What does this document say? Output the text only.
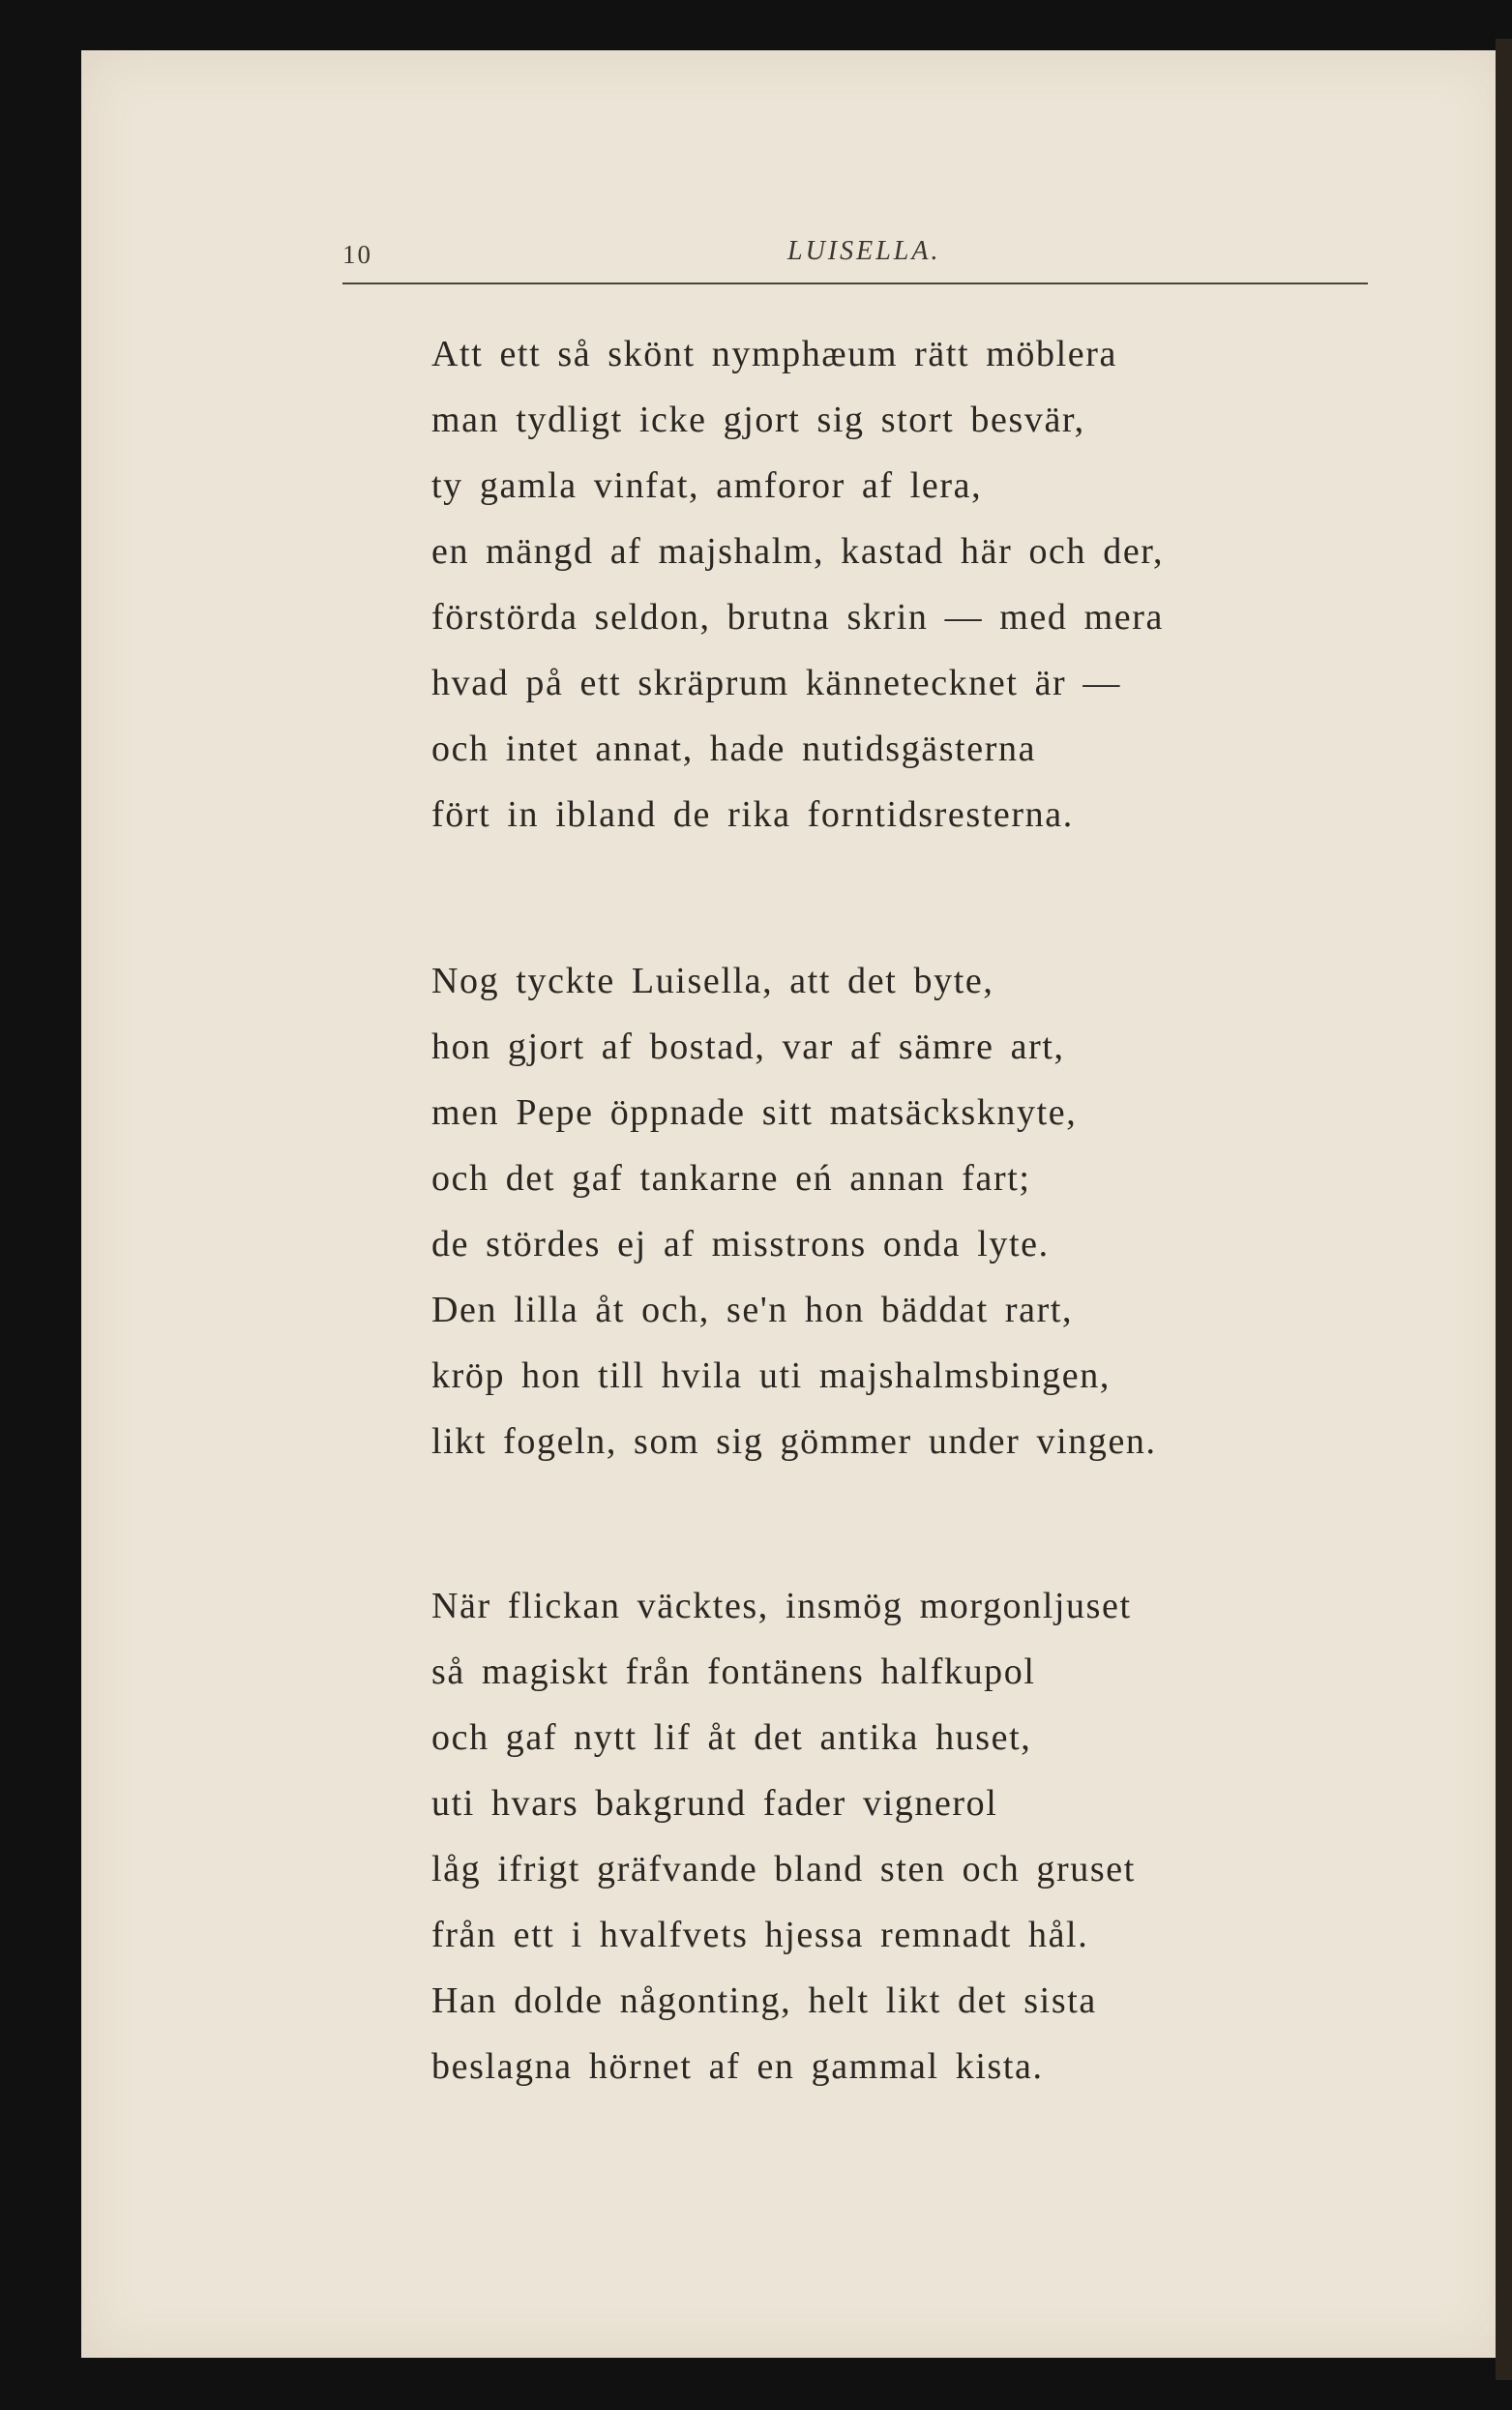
10	LUISELLA.
Att ett så skönt nymphæum rätt möblera
man tydligt icke gjort sig stort besvär,
ty gamla vinfat, amforor af lera,
en mängd af majshalm, kastad här och der,
förstörda seldon, brutna skrin — med mera
hvad på ett skräprum kännetecknet är —
och intet annat, hade nutidsgästerna
fört in ibland de rika forntidsresterna.
Nog tyckte Luisella, att det byte,
hon gjort af bostad, var af sämre art,
men Pepe öppnade sitt matsäcksknyte,
och det gaf tankarne eń annan fart;
de stördes ej af misstrons onda lyte.
Den lilla åt och, se'n hon bäddat rart,
kröp hon till hvila uti majshalmsbingen,
likt fogeln, som sig gömmer under vingen.
När flickan väcktes, insmög morgonljuset
så magiskt från fontänens halfkupol
och gaf nytt lif åt det antika huset,
uti hvars bakgrund fader vignerol
låg ifrigt gräfvande bland sten och gruset
från ett i hvalfvets hjessa remnadt hål.
Han dolde någonting, helt likt det sista
beslagna hörnet af en gammal kista.
